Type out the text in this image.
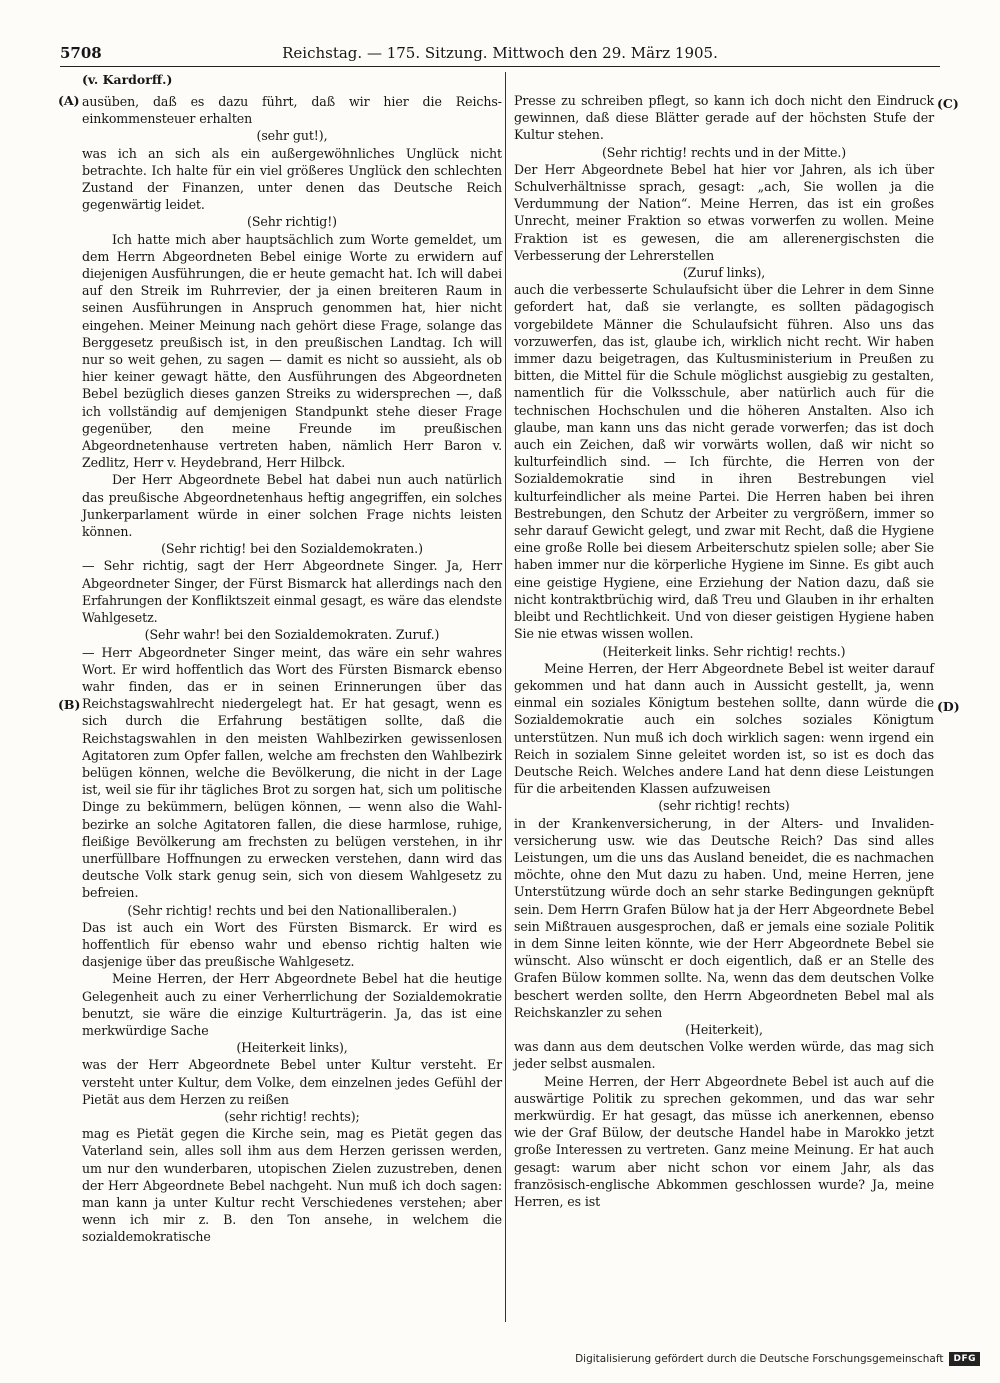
5708	Reichstag. — 175. Sitzung. Mittwoch den 29. März 1905.

(v. Kardorff.)

(A)
(B)
(C)
(D)

ausüben, daß es dazu führt, daß wir hier die Reichseinkommensteuer erhalten

(sehr gut!),

was ich an sich als ein außergewöhnliches Unglück nicht betrachte. Ich halte für ein viel größeres Unglück den schlechten Zustand der Finanzen, unter denen das Deutsche Reich gegenwärtig leidet.

(Sehr richtig!)

Ich hatte mich aber hauptsächlich zum Worte gemeldet, um dem Herrn Abgeordneten Bebel einige Worte zu erwidern auf diejenigen Ausführungen, die er heute gemacht hat. Ich will dabei auf den Streik im Ruhrrevier, der ja einen breiteren Raum in seinen Ausführungen in Anspruch genommen hat, hier nicht eingehen. Meiner Meinung nach gehört diese Frage, solange das Berggesetz preußisch ist, in den preußischen Landtag. Ich will nur so weit gehen, zu sagen — damit es nicht so aussieht, als ob hier keiner gewagt hätte, den Ausführungen des Abgeordneten Bebel bezüglich dieses ganzen Streiks zu widersprechen —, daß ich vollständig auf demjenigen Standpunkt stehe dieser Frage gegenüber, den meine Freunde im preußischen Abgeordnetenhause vertreten haben, nämlich Herr Baron v. Zedlitz, Herr v. Heydebrand, Herr Hilbck.

Der Herr Abgeordnete Bebel hat dabei nun auch natürlich das preußische Abgeordnetenhaus heftig angegriffen, ein solches Junkerparlament würde in einer solchen Frage nichts leisten können.

(Sehr richtig! bei den Sozialdemokraten.)

— Sehr richtig, sagt der Herr Abgeordnete Singer. Ja, Herr Abgeordneter Singer, der Fürst Bismarck hat allerdings nach den Erfahrungen der Konfliktszeit einmal gesagt, es wäre das elendste Wahlgesetz.

(Sehr wahr! bei den Sozialdemokraten. Zuruf.)

— Herr Abgeordneter Singer meint, das wäre ein sehr wahres Wort. Er wird hoffentlich das Wort des Fürsten Bismarck ebenso wahr finden, das er in seinen Erinnerungen über das Reichstagswahlrecht niedergelegt hat. Er hat gesagt, wenn es sich durch die Erfahrung bestätigen sollte, daß die Reichstagswahlen in den meisten Wahlbezirken gewissenlosen Agitatoren zum Opfer fallen, welche am frechsten den Wahlbezirk belügen können, welche die Bevölkerung, die nicht in der Lage ist, weil sie für ihr tägliches Brot zu sorgen hat, sich um politische Dinge zu bekümmern, belügen können, — wenn also die Wahlbezirke an solche Agitatoren fallen, die diese harmlose, ruhige, fleißige Bevölkerung am frechsten zu belügen verstehen, in ihr unerfüllbare Hoffnungen zu erwecken verstehen, dann wird das deutsche Volk stark genug sein, sich von diesem Wahlgesetz zu befreien.

(Sehr richtig! rechts und bei den Nationalliberalen.)

Das ist auch ein Wort des Fürsten Bismarck. Er wird es hoffentlich für ebenso wahr und ebenso richtig halten wie dasjenige über das preußische Wahlgesetz.

Meine Herren, der Herr Abgeordnete Bebel hat die heutige Gelegenheit auch zu einer Verherrlichung der Sozialdemokratie benutzt, sie wäre die einzige Kulturträgerin. Ja, das ist eine merkwürdige Sache

(Heiterkeit links),

was der Herr Abgeordnete Bebel unter Kultur versteht. Er versteht unter Kultur, dem Volke, dem einzelnen jedes Gefühl der Pietät aus dem Herzen zu reißen

(sehr richtig! rechts);

mag es Pietät gegen die Kirche sein, mag es Pietät gegen das Vaterland sein, alles soll ihm aus dem Herzen gerissen werden, um nur den wunderbaren, utopischen Zielen zuzustreben, denen der Herr Abgeordnete Bebel nachgeht. Nun muß ich doch sagen: man kann ja unter Kultur recht Verschiedenes verstehen; aber wenn ich mir z. B. den Ton ansehe, in welchem die sozialdemokratische

Presse zu schreiben pflegt, so kann ich doch nicht den Eindruck gewinnen, daß diese Blätter gerade auf der höchsten Stufe der Kultur stehen.

(Sehr richtig! rechts und in der Mitte.)

Der Herr Abgeordnete Bebel hat hier vor Jahren, als ich über Schulverhältnisse sprach, gesagt: „ach, Sie wollen ja die Verdummung der Nation“. Meine Herren, das ist ein großes Unrecht, meiner Fraktion so etwas vorwerfen zu wollen. Meine Fraktion ist es gewesen, die am allerenergischsten die Verbesserung der Lehrerstellen

(Zuruf links),

auch die verbesserte Schulaufsicht über die Lehrer in dem Sinne gefordert hat, daß sie verlangte, es sollten pädagogisch vorgebildete Männer die Schulaufsicht führen. Also uns das vorzuwerfen, das ist, glaube ich, wirklich nicht recht. Wir haben immer dazu beigetragen, das Kultusministerium in Preußen zu bitten, die Mittel für die Schule möglichst ausgiebig zu gestalten, namentlich für die Volksschule, aber natürlich auch für die technischen Hochschulen und die höheren Anstalten. Also ich glaube, man kann uns das nicht gerade vorwerfen; das ist doch auch ein Zeichen, daß wir vorwärts wollen, daß wir nicht so kulturfeindlich sind. — Ich fürchte, die Herren von der Sozialdemokratie sind in ihren Bestrebungen viel kulturfeindlicher als meine Partei. Die Herren haben bei ihren Bestrebungen, den Schutz der Arbeiter zu vergrößern, immer so sehr darauf Gewicht gelegt, und zwar mit Recht, daß die Hygiene eine große Rolle bei diesem Arbeiterschutz spielen solle; aber Sie haben immer nur die körperliche Hygiene im Sinne. Es gibt auch eine geistige Hygiene, eine Erziehung der Nation dazu, daß sie nicht kontraktbrüchig wird, daß Treu und Glauben in ihr erhalten bleibt und Rechtlichkeit. Und von dieser geistigen Hygiene haben Sie nie etwas wissen wollen.

(Heiterkeit links. Sehr richtig! rechts.)

Meine Herren, der Herr Abgeordnete Bebel ist weiter darauf gekommen und hat dann auch in Aussicht gestellt, ja, wenn einmal ein soziales Königtum bestehen sollte, dann würde die Sozialdemokratie auch ein solches soziales Königtum unterstützen. Nun muß ich doch wirklich sagen: wenn irgend ein Reich in sozialem Sinne geleitet worden ist, so ist es doch das Deutsche Reich. Welches andere Land hat denn diese Leistungen für die arbeitenden Klassen aufzuweisen

(sehr richtig! rechts)

in der Krankenversicherung, in der Alters- und Invalidenversicherung usw. wie das Deutsche Reich? Das sind alles Leistungen, um die uns das Ausland beneidet, die es nachmachen möchte, ohne den Mut dazu zu haben. Und, meine Herren, jene Unterstützung würde doch an sehr starke Bedingungen geknüpft sein. Dem Herrn Grafen Bülow hat ja der Herr Abgeordnete Bebel sein Mißtrauen ausgesprochen, daß er jemals eine soziale Politik in dem Sinne leiten könnte, wie der Herr Abgeordnete Bebel sie wünscht. Also wünscht er doch eigentlich, daß er an Stelle des Grafen Bülow kommen sollte. Na, wenn das dem deutschen Volke beschert werden sollte, den Herrn Abgeordneten Bebel mal als Reichskanzler zu sehen

(Heiterkeit),

was dann aus dem deutschen Volke werden würde, das mag sich jeder selbst ausmalen.

Meine Herren, der Herr Abgeordnete Bebel ist auch auf die auswärtige Politik zu sprechen gekommen, und das war sehr merkwürdig. Er hat gesagt, das müsse ich anerkennen, ebenso wie der Graf Bülow, der deutsche Handel habe in Marokko jetzt große Interessen zu vertreten. Ganz meine Meinung. Er hat auch gesagt: warum aber nicht schon vor einem Jahr, als das französisch-englische Abkommen geschlossen wurde? Ja, meine Herren, es ist

Digitalisierung gefördert durch die Deutsche Forschungsgemeinschaft	DFG
